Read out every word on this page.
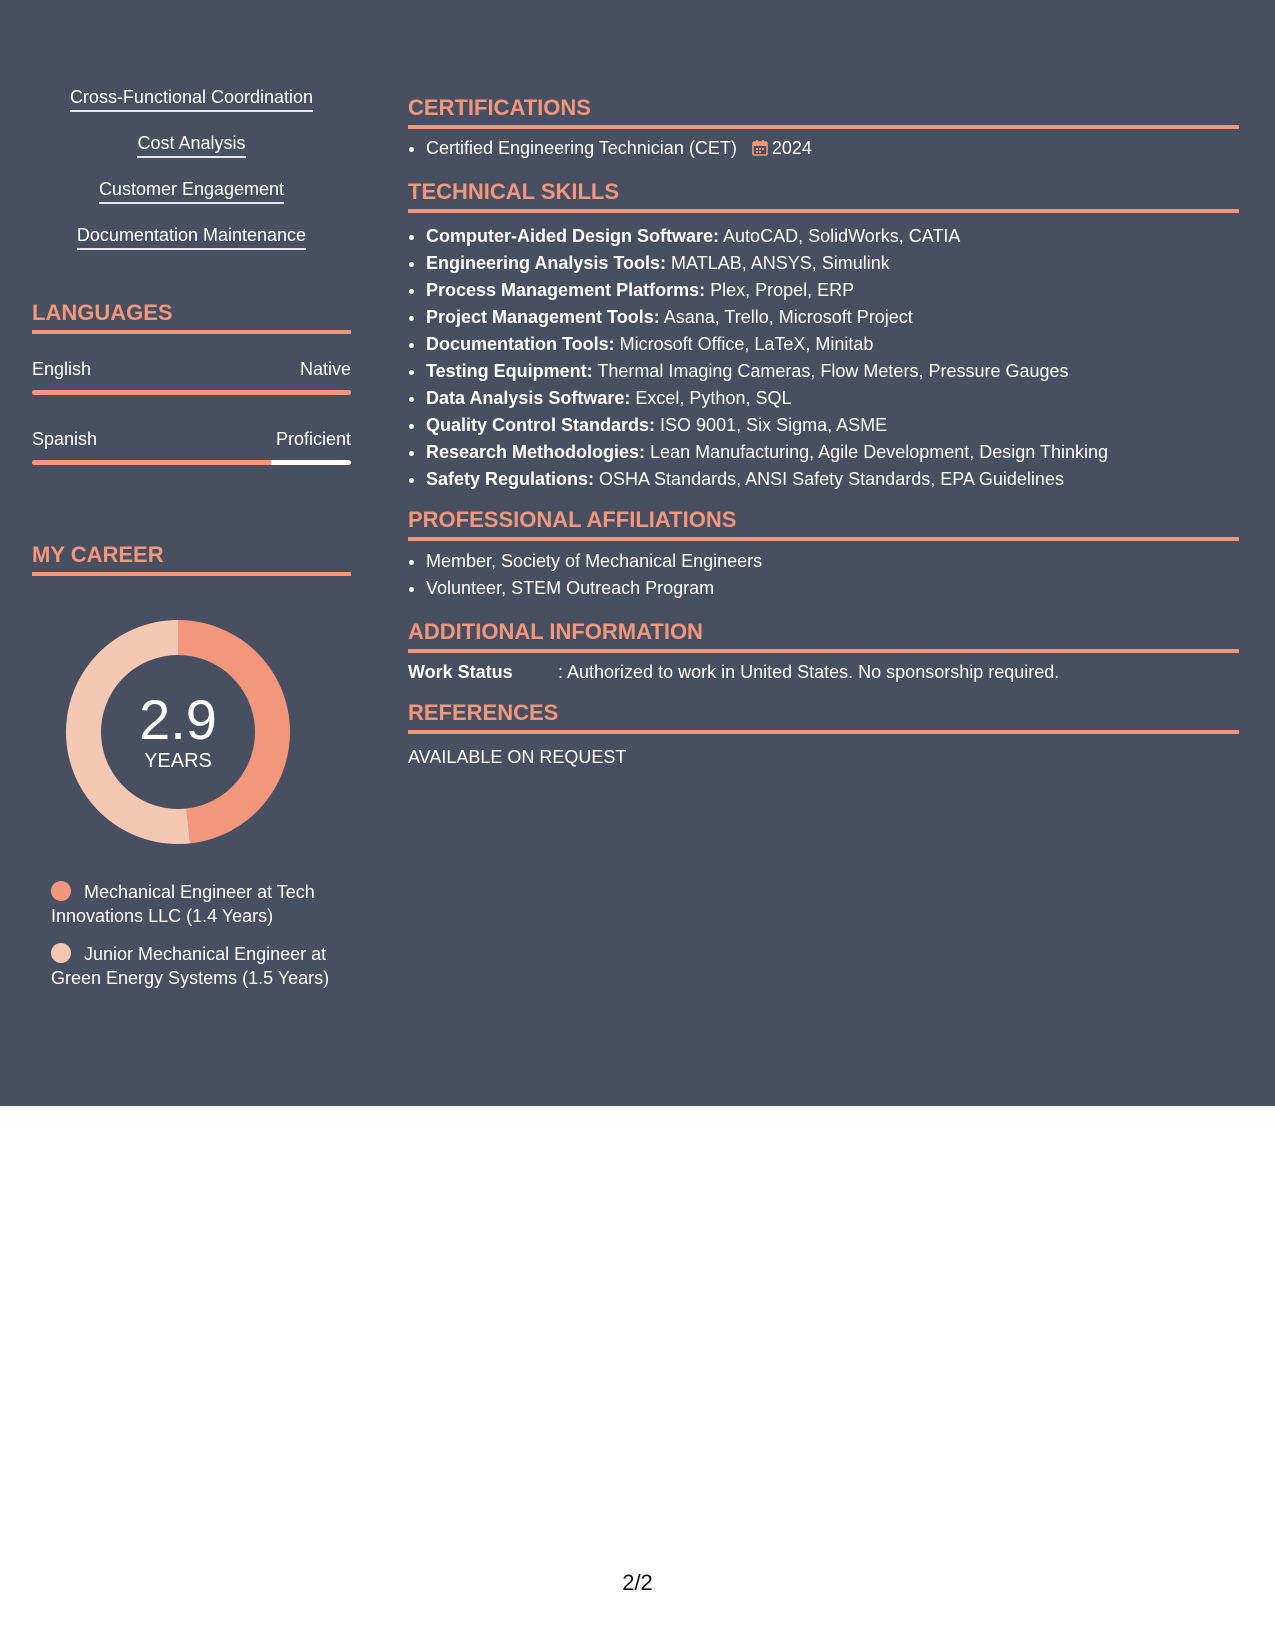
Cross-Functional Coordination
Cost Analysis
Customer Engagement
Documentation Maintenance
LANGUAGES
English	Native
Spanish	Proficient
MY CAREER
2.9
YEARS
Mechanical Engineer at Tech Innovations LLC (1.4 Years)
Junior Mechanical Engineer at Green Energy Systems (1.5 Years)
CERTIFICATIONS
• Certified Engineering Technician (CET) 2024
TECHNICAL SKILLS
• Computer-Aided Design Software: AutoCAD, SolidWorks, CATIA
• Engineering Analysis Tools: MATLAB, ANSYS, Simulink
• Process Management Platforms: Plex, Propel, ERP
• Project Management Tools: Asana, Trello, Microsoft Project
• Documentation Tools: Microsoft Office, LaTeX, Minitab
• Testing Equipment: Thermal Imaging Cameras, Flow Meters, Pressure Gauges
• Data Analysis Software: Excel, Python, SQL
• Quality Control Standards: ISO 9001, Six Sigma, ASME
• Research Methodologies: Lean Manufacturing, Agile Development, Design Thinking
• Safety Regulations: OSHA Standards, ANSI Safety Standards, EPA Guidelines
PROFESSIONAL AFFILIATIONS
• Member, Society of Mechanical Engineers
• Volunteer, STEM Outreach Program
ADDITIONAL INFORMATION
Work Status	: Authorized to work in United States. No sponsorship required.
REFERENCES
AVAILABLE ON REQUEST
2/2
